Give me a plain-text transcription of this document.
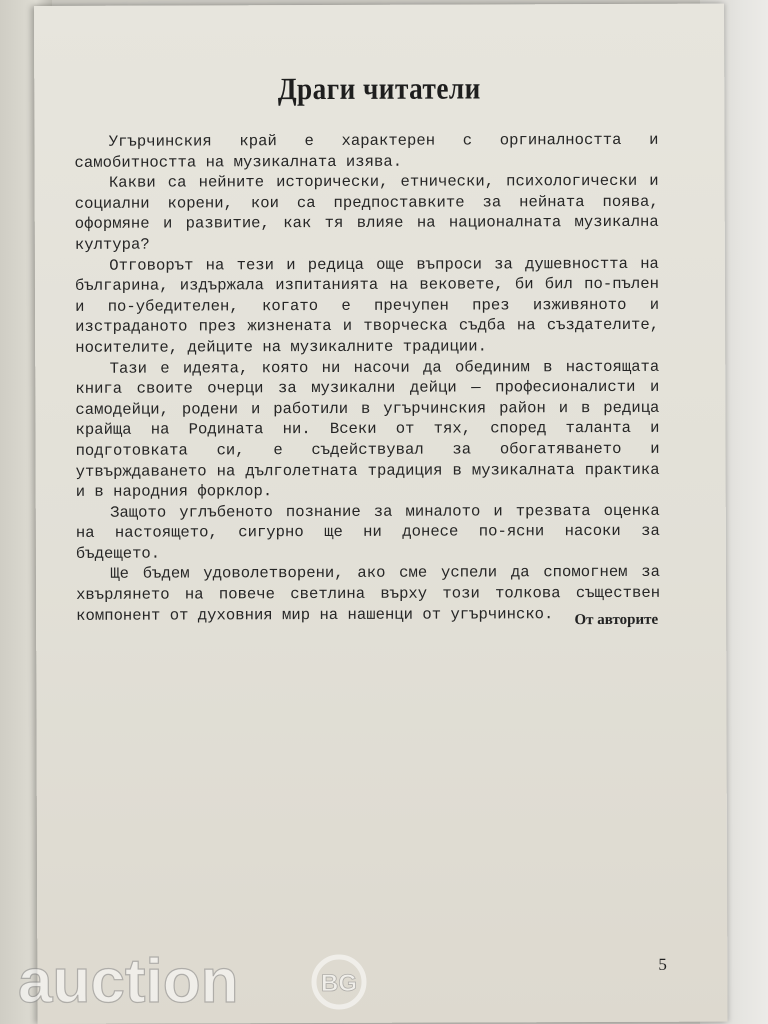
Драги читатели

Угърчинския край е характерен с оргиналността и самобитността на музикалната изява.

Какви са нейните исторически, етнически, психологически и социални корени, кои са предпоставките за нейната поява, оформяне и развитие, как тя влияе на националната музикална култура?

Отговорът на тези и редица още въпроси за душевността на българина, издържала изпитанията на вековете, би бил по-пълен и по-убедителен, когато е пречупен през изживяното и изстраданото през жизнената и творческа съдба на създателите, носителите, дейците на музикалните традиции.

Тази е идеята, която ни насочи да обединим в настоящата книга своите очерци за музикални дейци — професионалисти и самодейци, родени и работили в угърчинския район и в редица крайща на Родината ни. Всеки от тях, според таланта и подготовката си, е съдействувал за обогатяването и утвърждаването на дълголетната традиция в музикалната практика и в народния форклор.

Защото углъбеното познание за миналото и трезвата оценка на настоящето, сигурно ще ни донесе по-ясни насоки за бъдещето.

Ще бъдем удоволетворени, ако сме успели да спомогнем за хвърлянето на повече светлина върху този толкова съществен компонент от духовния мир на нашенци от угърчинско.	От авторите
5
auction	BG
